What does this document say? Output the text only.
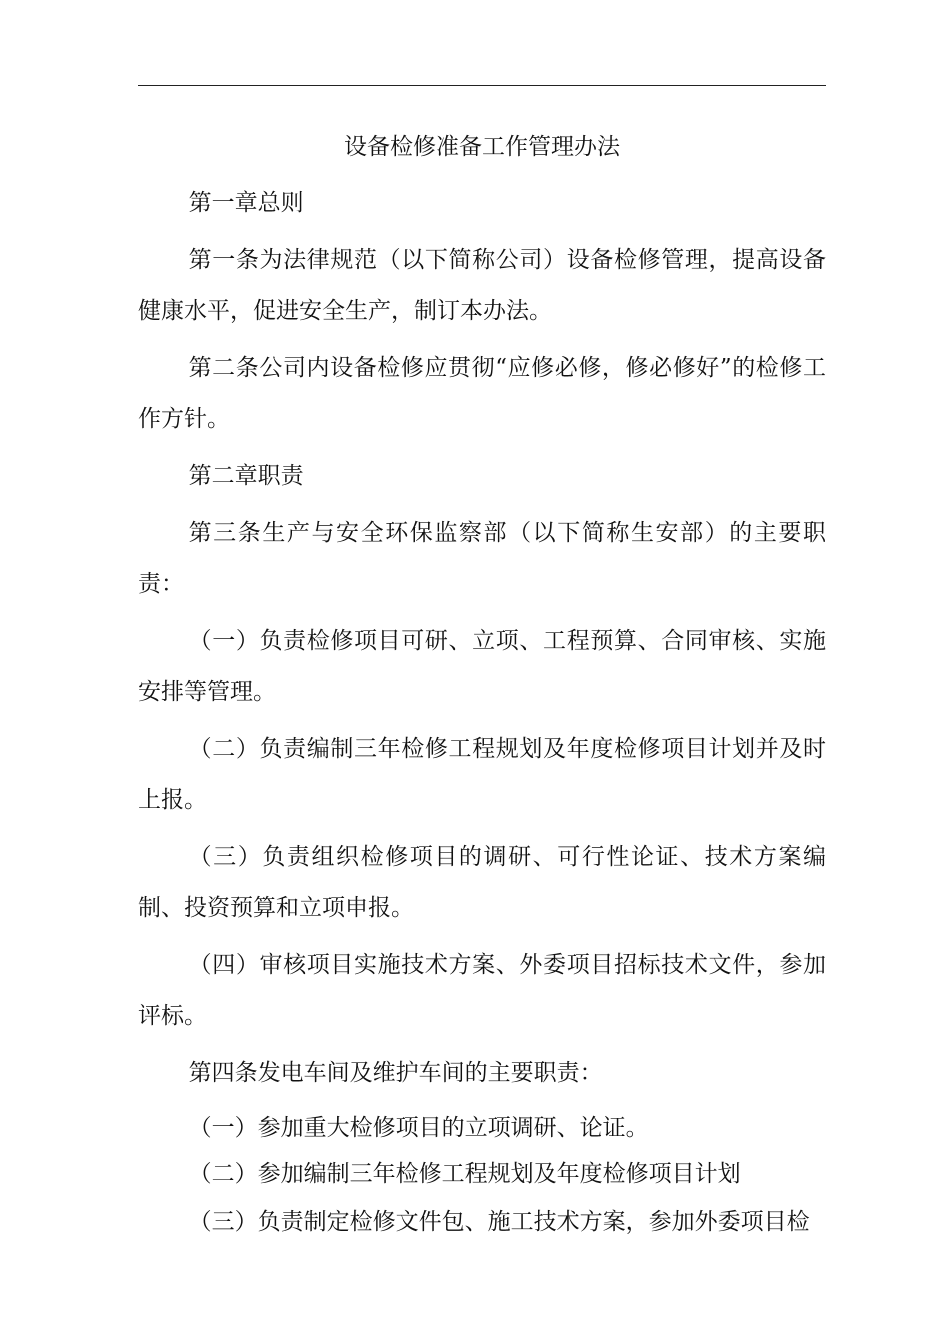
设备检修准备工作管理办法

第一章总则

第一条为法律规范（以下简称公司）设备检修管理，提高设备健康水平，促进安全生产，制订本办法。

第二条公司内设备检修应贯彻“应修必修，修必修好”的检修工作方针。

第二章职责

第三条生产与安全环保监察部（以下简称生安部）的主要职责：

（一）负责检修项目可研、立项、工程预算、合同审核、实施安排等管理。

（二）负责编制三年检修工程规划及年度检修项目计划并及时上报。

（三）负责组织检修项目的调研、可行性论证、技术方案编制、投资预算和立项申报。

（四）审核项目实施技术方案、外委项目招标技术文件，参加评标。

第四条发电车间及维护车间的主要职责：

（一）参加重大检修项目的立项调研、论证。

（二）参加编制三年检修工程规划及年度检修项目计划

（三）负责制定检修文件包、施工技术方案，参加外委项目检
